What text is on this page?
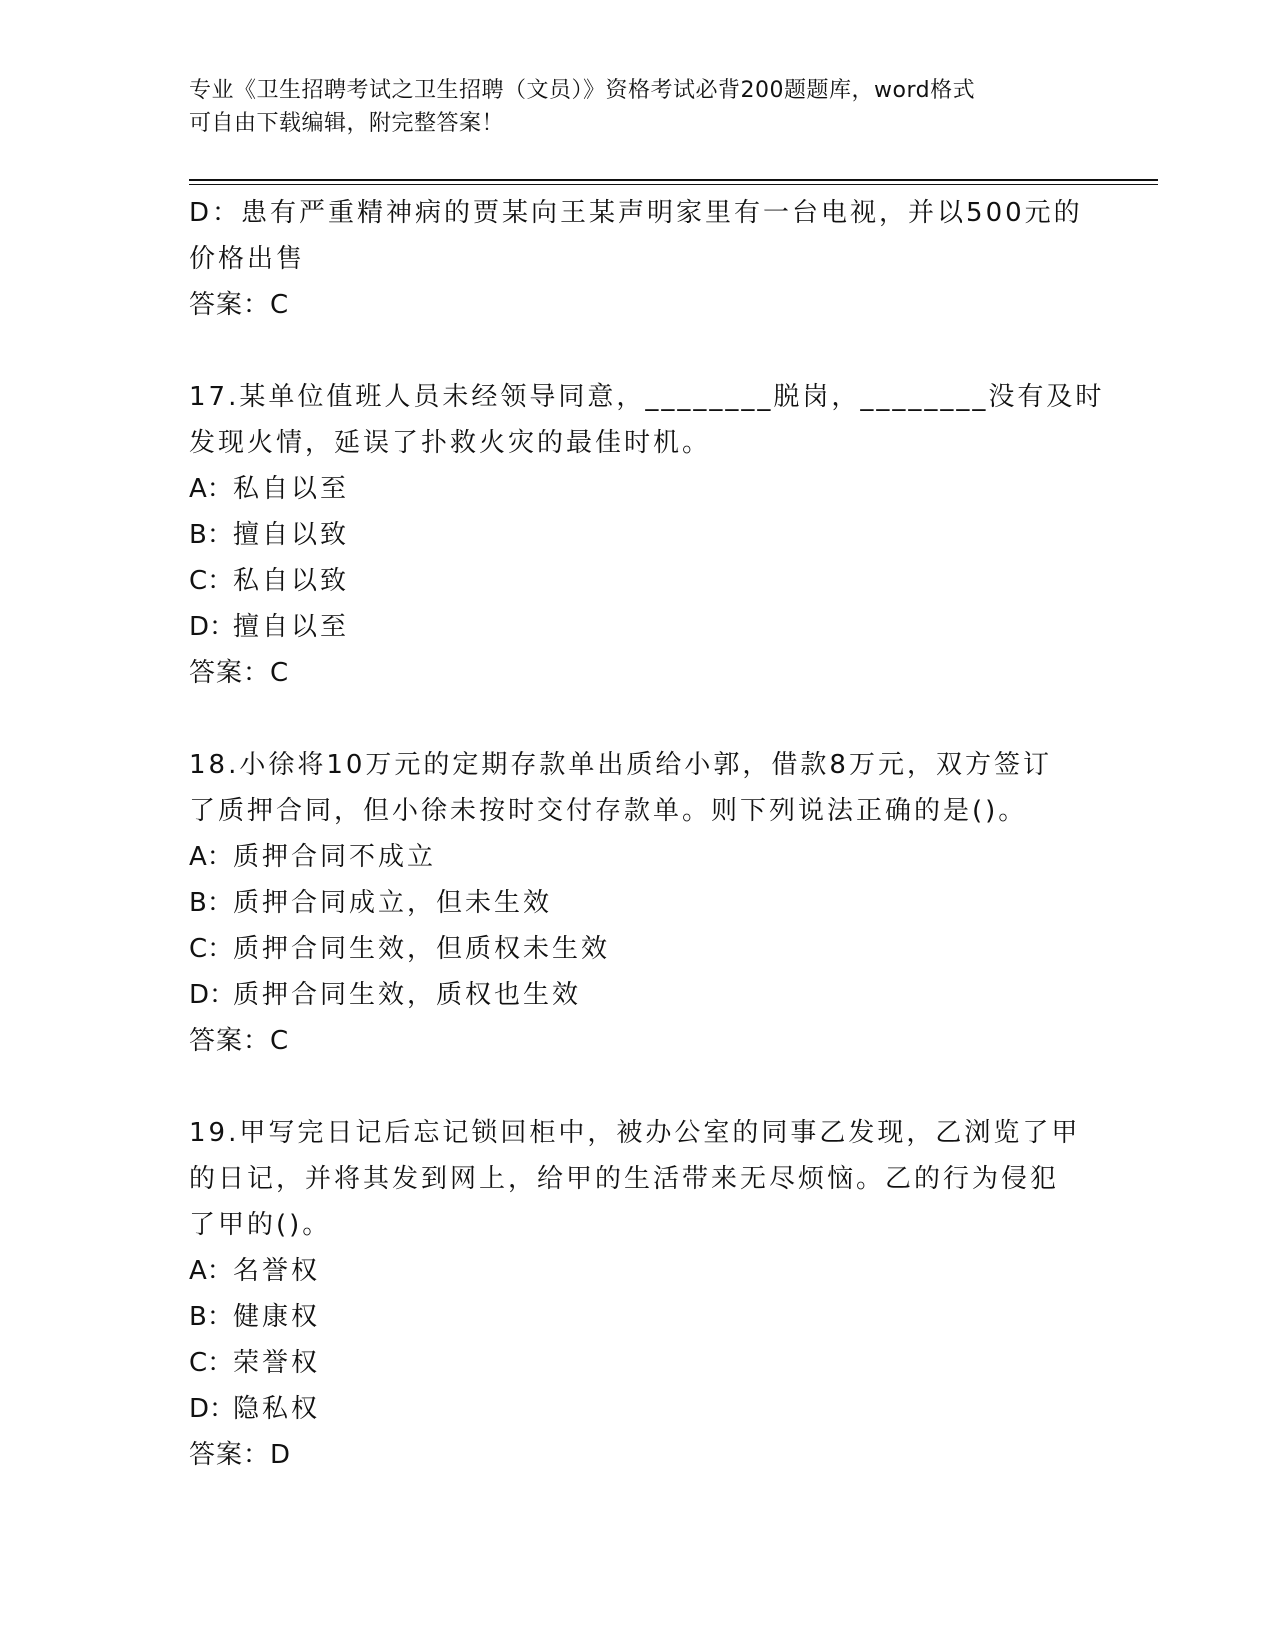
专业《卫生招聘考试之卫生招聘（文员）》资格考试必背200题题库，word格式
可自由下载编辑，附完整答案！
D：患有严重精神病的贾某向王某声明家里有一台电视，并以500元的
价格出售
答案：C
17.某单位值班人员未经领导同意，________脱岗，________没有及时
发现火情，延误了扑救火灾的最佳时机。
A：私自以至
B：擅自以致
C：私自以致
D：擅自以至
答案：C
18.小徐将10万元的定期存款单出质给小郭，借款8万元，双方签订
了质押合同，但小徐未按时交付存款单。则下列说法正确的是()。
A：质押合同不成立
B：质押合同成立，但未生效
C：质押合同生效，但质权未生效
D：质押合同生效，质权也生效
答案：C
19.甲写完日记后忘记锁回柜中，被办公室的同事乙发现，乙浏览了甲
的日记，并将其发到网上，给甲的生活带来无尽烦恼。乙的行为侵犯
了甲的()。
A：名誉权
B：健康权
C：荣誉权
D：隐私权
答案：D
